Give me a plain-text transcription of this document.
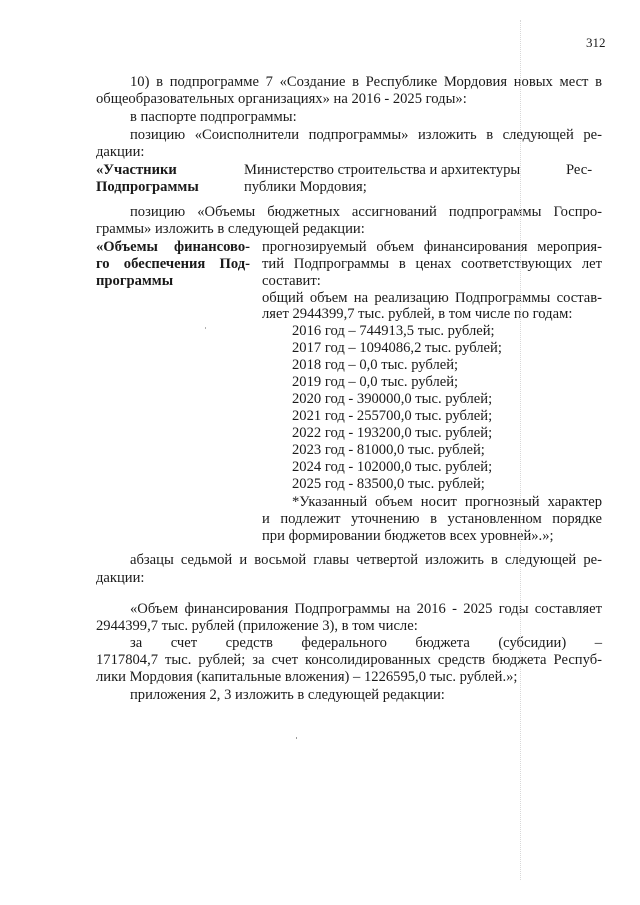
312
10) в подпрограмме 7 «Создание в Республике Мордовия новых мест в
общеобразовательных организациях» на 2016 - 2025 годы»:
в паспорте подпрограммы:
позицию «Соисполнители подпрограммы» изложить в следующей ре-
дакции:
«Участники
Подпрограммы
Министерство строительства и архитектуры	Рес-
публики Мордовия;
позицию «Объемы бюджетных ассигнований подпрограммы Госпро-
граммы» изложить в следующей редакции:
«Объемы финансово-
го обеспечения Под-
программы
прогнозируемый объем финансирования мероприя-
тий Подпрограммы в ценах соответствующих лет
составит:
общий объем на реализацию Подпрограммы состав-
ляет 2944399,7 тыс. рублей, в том числе по годам:
2016 год – 744913,5 тыс. рублей;
2017 год – 1094086,2 тыс. рублей;
2018 год – 0,0 тыс. рублей;
2019 год – 0,0 тыс. рублей;
2020 год - 390000,0 тыс. рублей;
2021 год - 255700,0 тыс. рублей;
2022 год - 193200,0 тыс. рублей;
2023 год - 81000,0 тыс. рублей;
2024 год - 102000,0 тыс. рублей;
2025 год - 83500,0 тыс. рублей;
*Указанный объем носит прогнозный характер
и подлежит уточнению в установленном порядке
при формировании бюджетов всех уровней».»;
абзацы седьмой и восьмой главы четвертой изложить в следующей ре-
дакции:
«Объем финансирования Подпрограммы на 2016 - 2025 годы составляет
2944399,7 тыс. рублей (приложение 3), в том числе:
за счет средств федерального бюджета (субсидии) –
1717804,7 тыс. рублей; за счет консолидированных средств бюджета Респуб-
лики Мордовия (капитальные вложения) – 1226595,0 тыс. рублей.»;
приложения 2, 3 изложить в следующей редакции:
